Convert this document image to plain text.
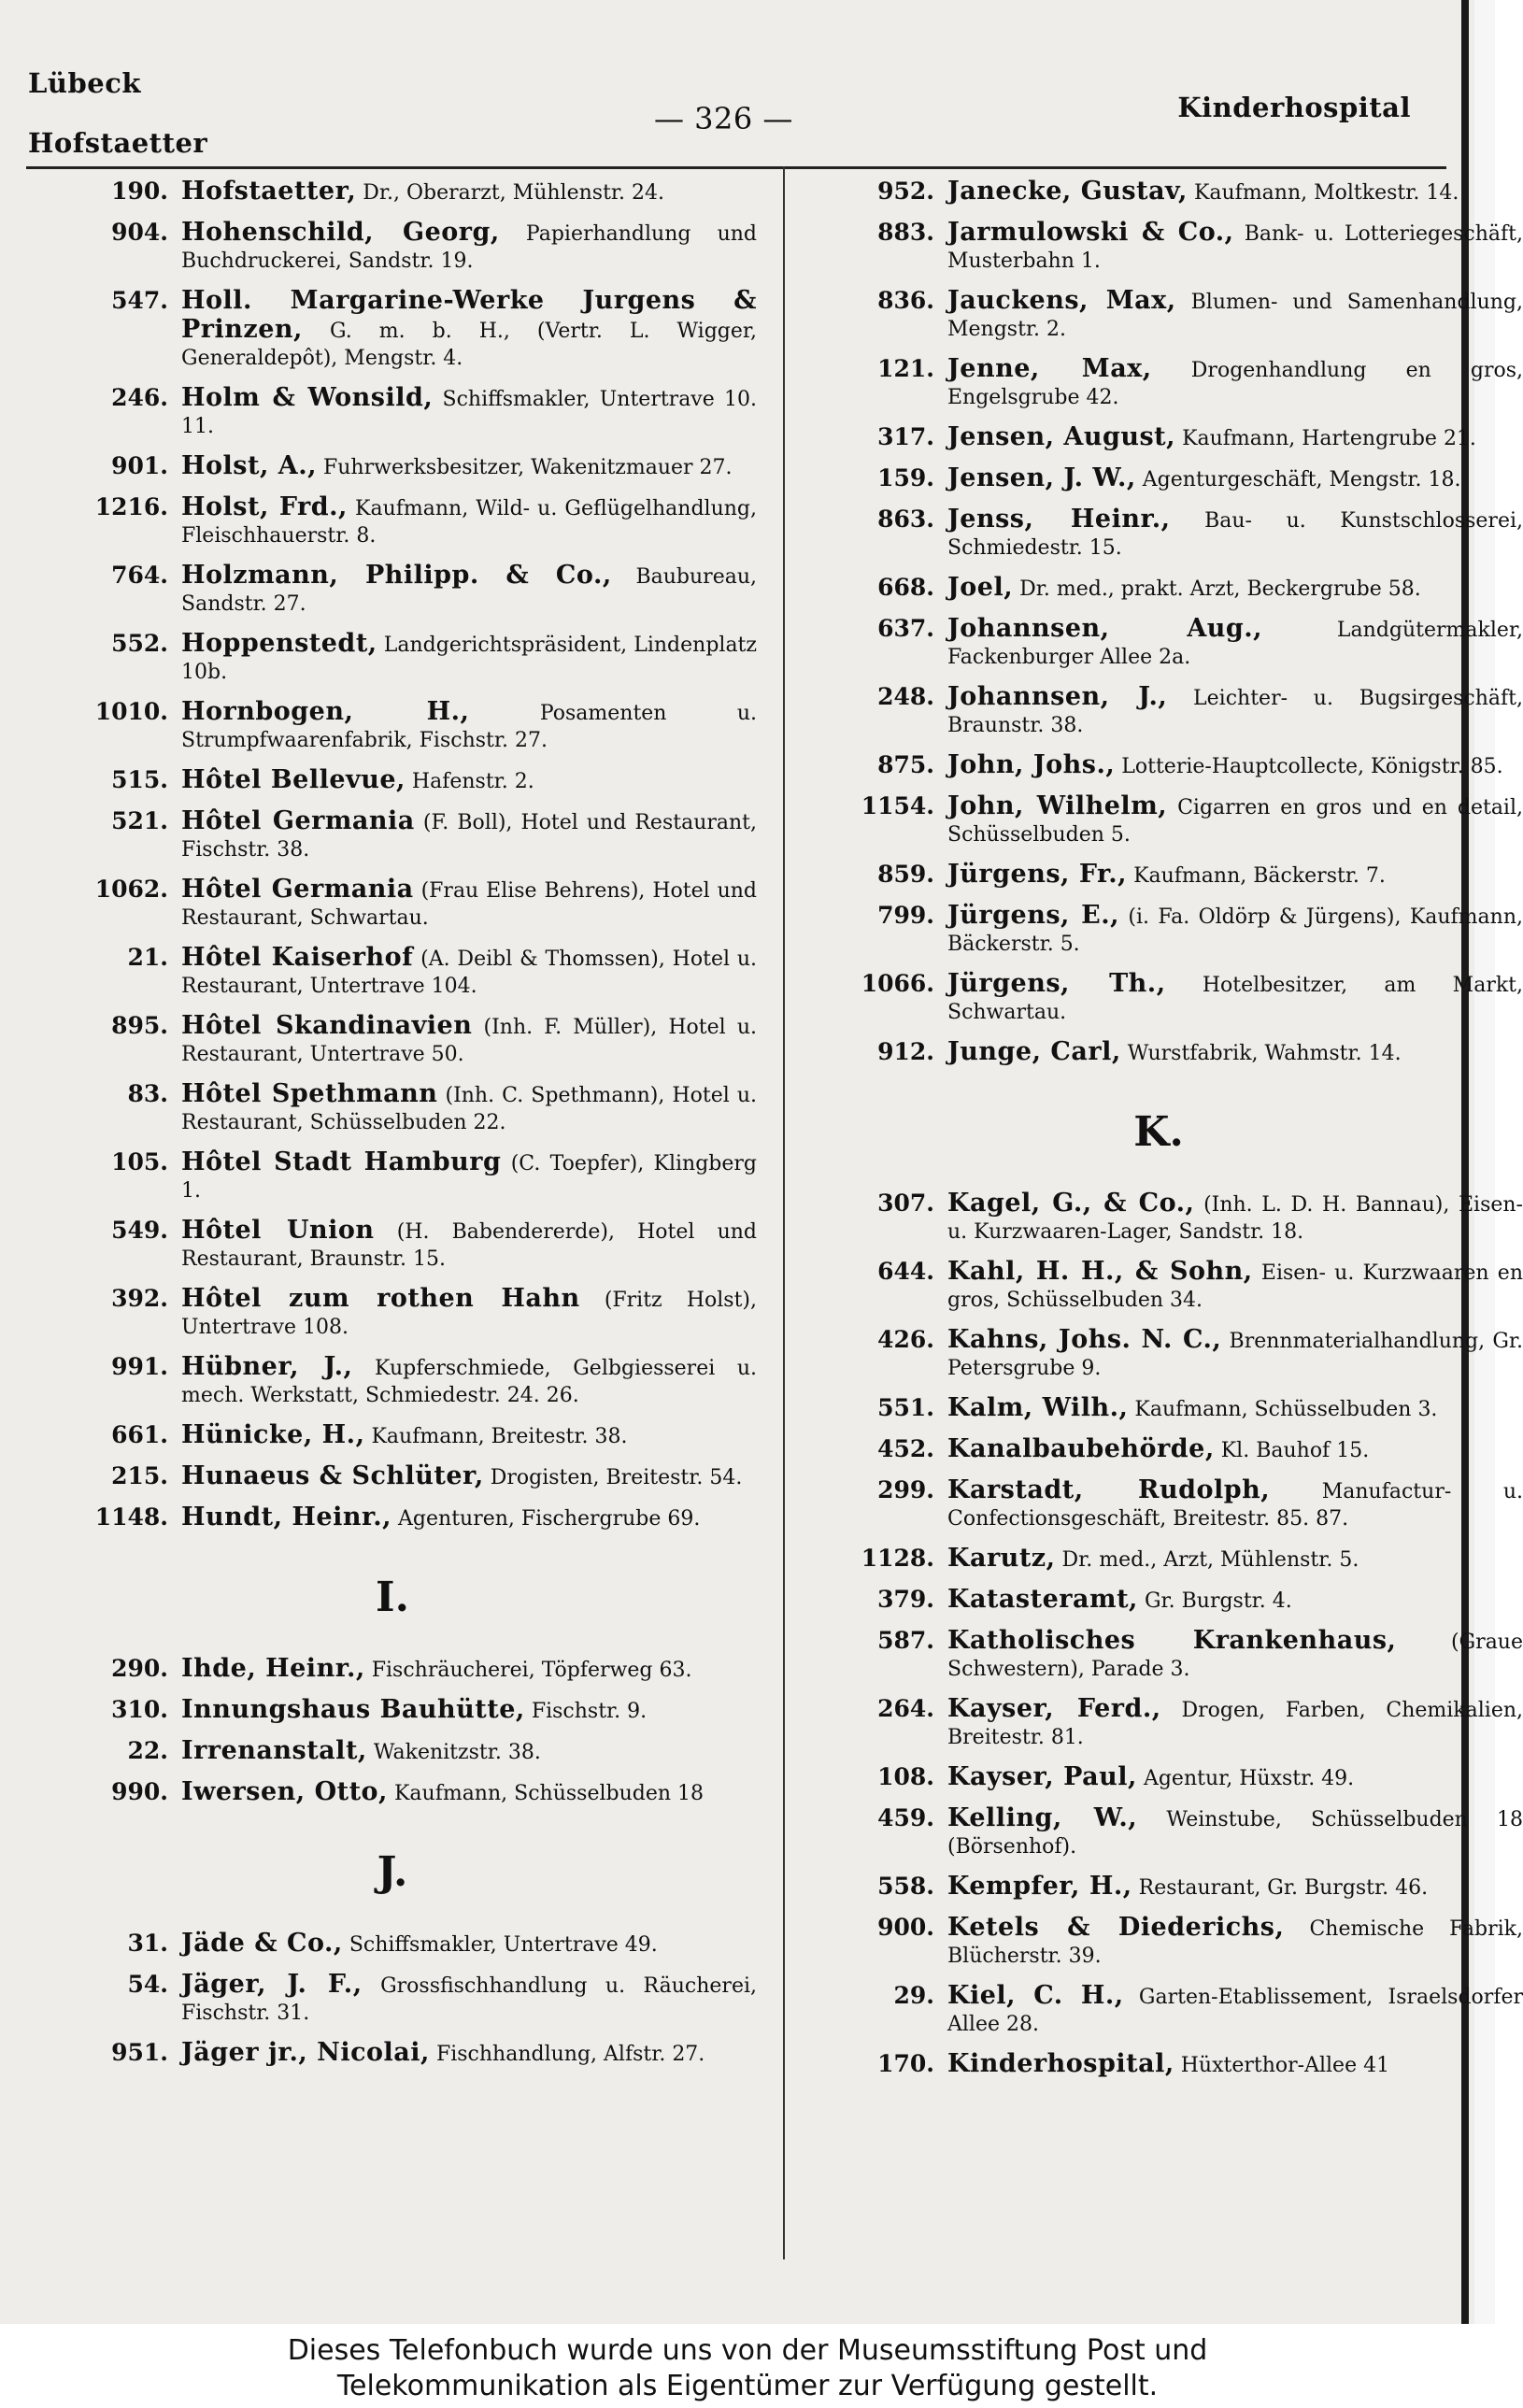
Lübeck
Hofstaetter
— 326 —	Kinderhospital
190. Hofstaetter, Dr., Oberarzt, Mühlenstr. 24.
904. Hohenschild, Georg, Papierhandlung und Buchdruckerei, Sandstr. 19.
547. Holl. Margarine-Werke Jurgens & Prinzen, G. m. b. H., (Vertr. L. Wigger, Generaldepôt), Mengstr. 4.
246. Holm & Wonsild, Schiffsmakler, Untertrave 10. 11.
901. Holst, A., Fuhrwerksbesitzer, Wakenitzmauer 27.
1216. Holst, Frd., Kaufmann, Wild- u. Geflügelhandlung, Fleischhauerstr. 8.
764. Holzmann, Philipp. & Co., Baubureau, Sandstr. 27.
552. Hoppenstedt, Landgerichtspräsident, Lindenplatz 10b.
1010. Hornbogen, H.,	Posamenten u. Strumpfwaarenfabrik, Fischstr. 27.
515. Hôtel Bellevue, Hafenstr. 2.
521. Hôtel Germania (F. Boll), Hotel und Restaurant, Fischstr. 38.
1062. Hôtel Germania (Frau Elise Behrens), Hotel und Restaurant, Schwartau.
21. Hôtel Kaiserhof (A. Deibl & Thomssen), Hotel u. Restaurant, Untertrave 104.
895. Hôtel Skandinavien (Inh. F. Müller), Hotel u. Restaurant, Untertrave 50.
83. Hôtel Spethmann (Inh. C. Spethmann), Hotel u. Restaurant, Schüsselbuden 22.
105. Hôtel Stadt Hamburg (C. Toepfer), Klingberg 1.
549. Hôtel Union (H. Babendererde), Hotel und Restaurant, Braunstr. 15.
392. Hôtel zum rothen Hahn (Fritz Holst), Untertrave 108.
991. Hübner, J., Kupferschmiede, Gelbgiesserei u. mech. Werkstatt, Schmiedestr. 24. 26.
661. Hünicke, H., Kaufmann, Breitestr. 38.
215. Hunaeus & Schlüter, Drogisten, Breitestr. 54.
1148. Hundt, Heinr., Agenturen, Fischergrube 69.
I.
290. Ihde, Heinr., Fischräucherei, Töpferweg 63.
310. Innungshaus Bauhütte, Fischstr. 9.
22. Irrenanstalt, Wakenitzstr. 38.
990. Iwersen, Otto, Kaufmann, Schüsselbuden 18
J.
31. Jäde & Co., Schiffsmakler, Untertrave 49.
54. Jäger, J. F., Grossfischhandlung u. Räucherei, Fischstr. 31.
951. Jäger jr., Nicolai, Fischhandlung, Alfstr. 27.
952. Janecke, Gustav, Kaufmann, Moltkestr. 14.
883. Jarmulowski & Co., Bank- u. Lotteriegeschäft, Musterbahn 1.
836. Jauckens, Max, Blumen- und Samenhandlung, Mengstr. 2.
121. Jenne, Max, Drogenhandlung en gros, Engelsgrube 42.
317. Jensen, August, Kaufmann, Hartengrube 21.
159. Jensen, J. W., Agenturgeschäft, Mengstr. 18.
863. Jenss, Heinr., Bau- u. Kunstschlosserei, Schmiedestr. 15.
668. Joel, Dr. med., prakt. Arzt, Beckergrube 58.
637. Johannsen, Aug.,	Landgütermakler, Fackenburger Allee 2a.
248. Johannsen, J., Leichter- u. Bugsirgeschäft, Braunstr. 38.
875. John, Johs., Lotterie-Hauptcollecte, Königstr. 85.
1154. John, Wilhelm, Cigarren en gros und en detail, Schüsselbuden 5.
859. Jürgens, Fr., Kaufmann, Bäckerstr. 7.
799. Jürgens, E., (i. Fa. Oldörp & Jürgens), Kaufmann, Bäckerstr. 5.
1066. Jürgens, Th., Hotelbesitzer, am Markt, Schwartau.
912. Junge, Carl, Wurstfabrik, Wahmstr. 14.
K.
307. Kagel, G., & Co., (Inh. L. D. H. Bannau), Eisen- u. Kurzwaaren-Lager, Sandstr. 18.
644. Kahl, H. H., & Sohn, Eisen- u. Kurzwaaren en gros, Schüsselbuden 34.
426. Kahns, Johs. N. C., Brennmaterialhandlung, Gr. Petersgrube 9.
551. Kalm, Wilh., Kaufmann, Schüsselbuden 3.
452. Kanalbaubehörde, Kl. Bauhof 15.
299. Karstadt, Rudolph,	Manufactur- u. Confectionsgeschäft, Breitestr. 85. 87.
1128. Karutz, Dr. med., Arzt, Mühlenstr. 5.
379. Katasteramt, Gr. Burgstr. 4.
587. Katholisches Krankenhaus,	(Graue Schwestern), Parade 3.
264. Kayser, Ferd., Drogen, Farben, Chemikalien, Breitestr. 81.
108. Kayser, Paul, Agentur, Hüxstr. 49.
459. Kelling, W., Weinstube, Schüsselbuden 18 (Börsenhof).
558. Kempfer, H., Restaurant, Gr. Burgstr. 46.
900. Ketels & Diederichs, Chemische Fabrik, Blücherstr. 39.
29. Kiel, C. H., Garten-Etablissement, Israelsdorfer Allee 28.
170. Kinderhospital, Hüxterthor-Allee 41
Dieses Telefonbuch wurde uns von der Museumsstiftung Post und
Telekommunikation als Eigentümer zur Verfügung gestellt.
